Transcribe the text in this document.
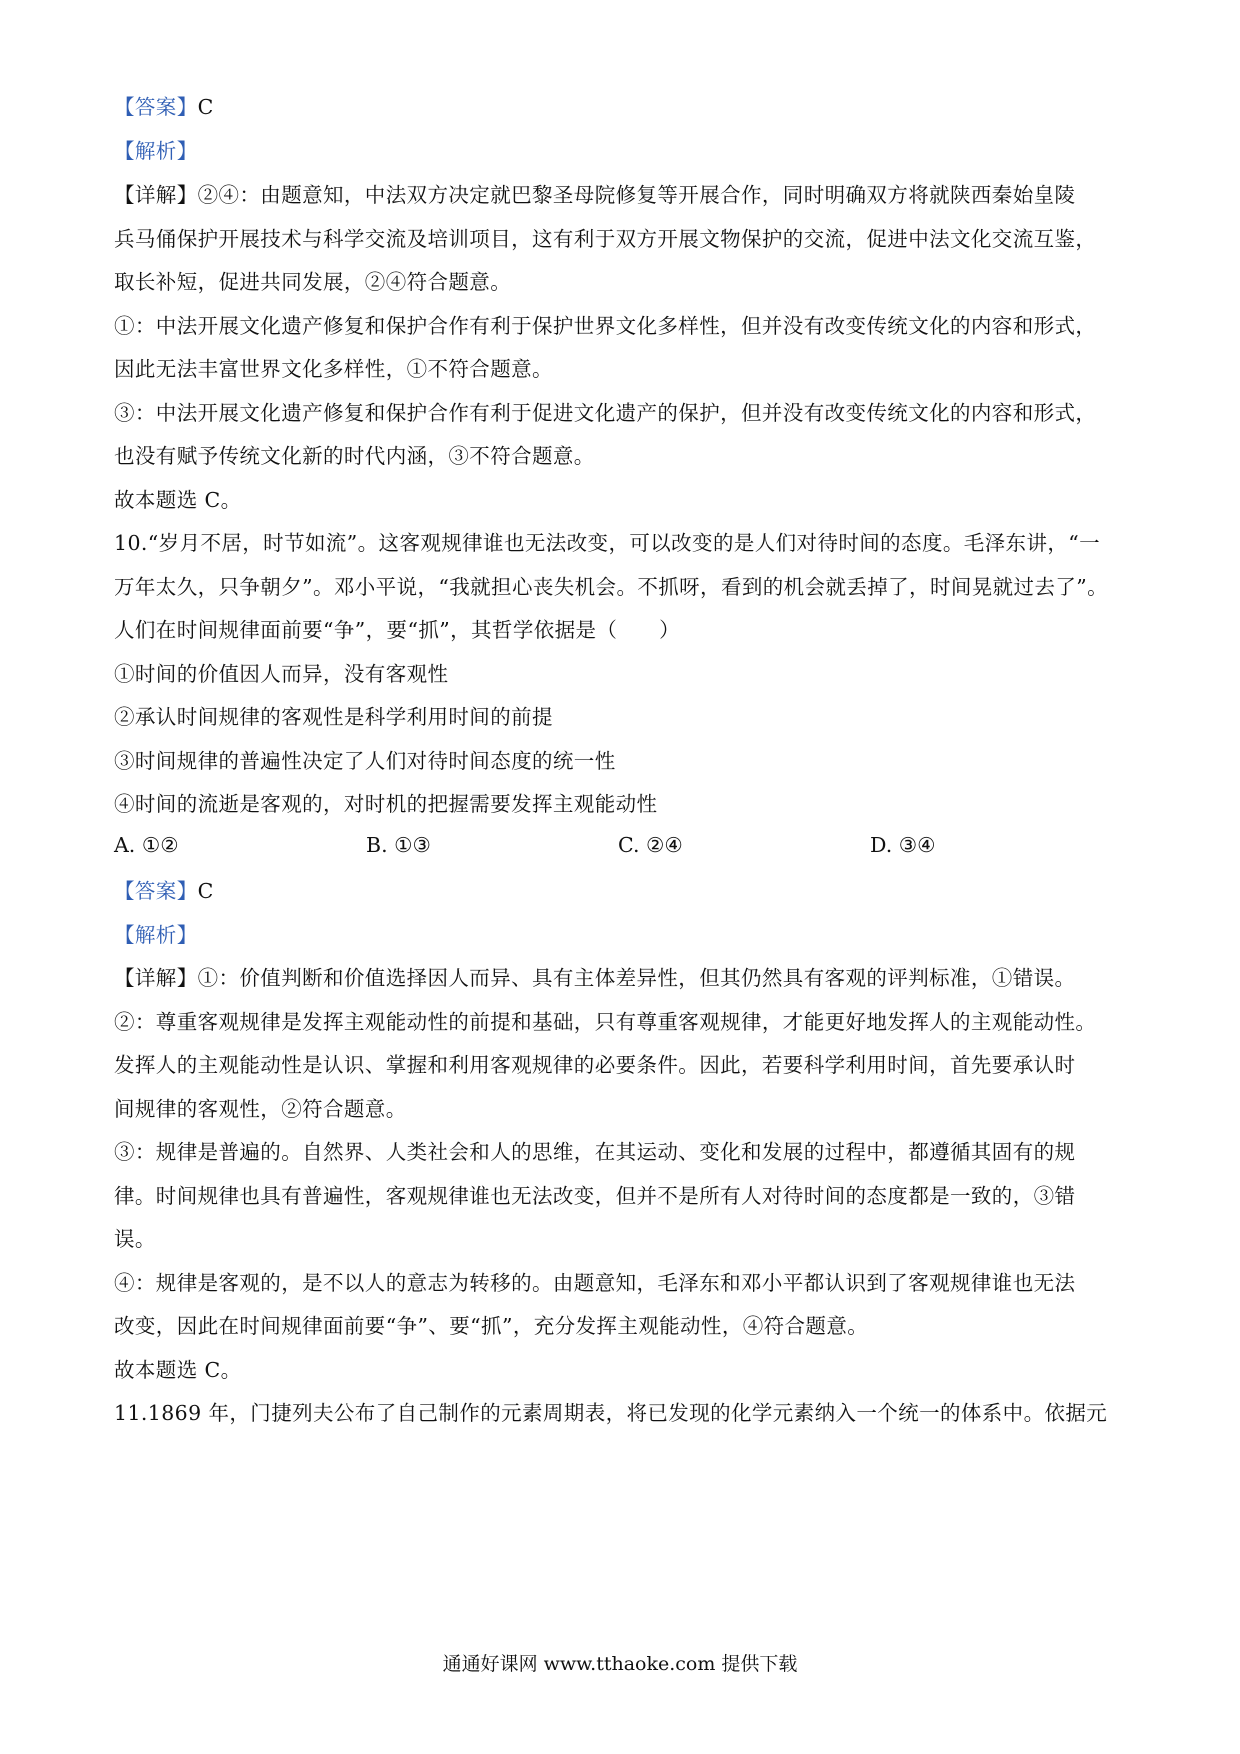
【答案】C
【解析】
【详解】②④：由题意知，中法双方决定就巴黎圣母院修复等开展合作，同时明确双方将就陕西秦始皇陵
兵马俑保护开展技术与科学交流及培训项目，这有利于双方开展文物保护的交流，促进中法文化交流互鉴，
取长补短，促进共同发展，②④符合题意。
①：中法开展文化遗产修复和保护合作有利于保护世界文化多样性，但并没有改变传统文化的内容和形式，
因此无法丰富世界文化多样性，①不符合题意。
③：中法开展文化遗产修复和保护合作有利于促进文化遗产的保护，但并没有改变传统文化的内容和形式，
也没有赋予传统文化新的时代内涵，③不符合题意。
故本题选 C。
10.“岁月不居，时节如流”。这客观规律谁也无法改变，可以改变的是人们对待时间的态度。毛泽东讲，“一
万年太久，只争朝夕”。邓小平说，“我就担心丧失机会。不抓呀，看到的机会就丢掉了，时间晃就过去了”。
人们在时间规律面前要“争”，要“抓”，其哲学依据是（　　）
①时间的价值因人而异，没有客观性
②承认时间规律的客观性是科学利用时间的前提
③时间规律的普遍性决定了人们对待时间态度的统一性
④时间的流逝是客观的，对时机的把握需要发挥主观能动性
A. ①②	B. ①③	C. ②④	D. ③④
【答案】C
【解析】
【详解】①：价值判断和价值选择因人而异、具有主体差异性，但其仍然具有客观的评判标准，①错误。
②：尊重客观规律是发挥主观能动性的前提和基础，只有尊重客观规律，才能更好地发挥人的主观能动性。
发挥人的主观能动性是认识、掌握和利用客观规律的必要条件。因此，若要科学利用时间，首先要承认时
间规律的客观性，②符合题意。
③：规律是普遍的。自然界、人类社会和人的思维，在其运动、变化和发展的过程中，都遵循其固有的规
律。时间规律也具有普遍性，客观规律谁也无法改变，但并不是所有人对待时间的态度都是一致的，③错
误。
④：规律是客观的，是不以人的意志为转移的。由题意知，毛泽东和邓小平都认识到了客观规律谁也无法
改变，因此在时间规律面前要“争”、要“抓”，充分发挥主观能动性，④符合题意。
故本题选 C。
11.1869 年，门捷列夫公布了自己制作的元素周期表，将已发现的化学元素纳入一个统一的体系中。依据元
通通好课网 www.tthaoke.com 提供下载
